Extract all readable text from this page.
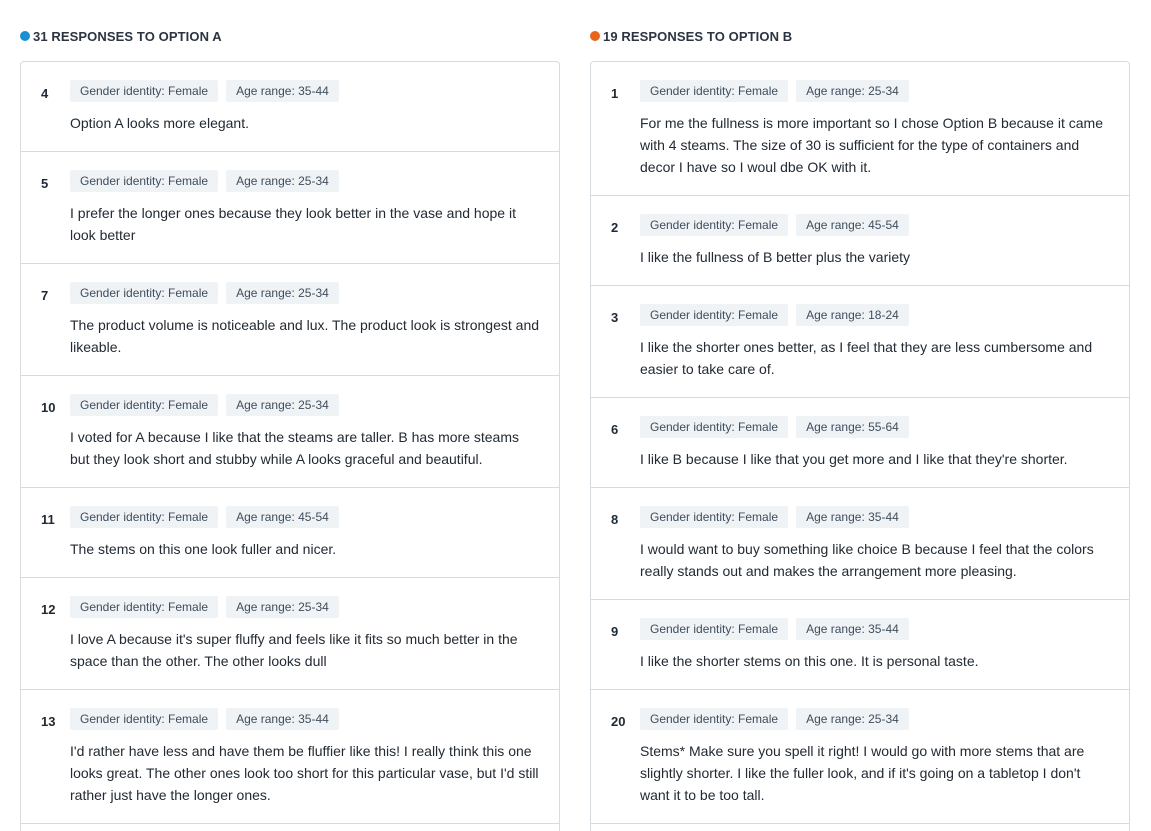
31 RESPONSES TO OPTION A
4	Gender identity: Female	Age range: 35-44

Option A looks more elegant.

5	Gender identity: Female	Age range: 25-34

I prefer the longer ones because they look better in the vase and hope it look better

7	Gender identity: Female	Age range: 25-34

The product volume is noticeable and lux. The product look is strongest and likeable.

10	Gender identity: Female	Age range: 25-34

I voted for A because I like that the steams are taller. B has more steams but they look short and stubby while A looks graceful and beautiful.

11	Gender identity: Female	Age range: 45-54

The stems on this one look fuller and nicer.

12	Gender identity: Female	Age range: 25-34

I love A because it's super fluffy and feels like it fits so much better in the space than the other. The other looks dull

13	Gender identity: Female	Age range: 35-44

I'd rather have less and have them be fluffier like this! I really think this one looks great. The other ones look too short for this particular vase, but I'd still rather just have the longer ones.

19 RESPONSES TO OPTION B
1	Gender identity: Female	Age range: 25-34

For me the fullness is more important so I chose Option B because it came with 4 steams. The size of 30 is sufficient for the type of containers and decor I have so I woul dbe OK with it.

2	Gender identity: Female	Age range: 45-54

I like the fullness of B better plus the variety

3	Gender identity: Female	Age range: 18-24

I like the shorter ones better, as I feel that they are less cumbersome and easier to take care of.

6	Gender identity: Female	Age range: 55-64

I like B because I like that you get more and I like that they're shorter.

8	Gender identity: Female	Age range: 35-44

I would want to buy something like choice B because I feel that the colors really stands out and makes the arrangement more pleasing.

9	Gender identity: Female	Age range: 35-44

I like the shorter stems on this one. It is personal taste.

20	Gender identity: Female	Age range: 25-34

Stems* Make sure you spell it right! I would go with more stems that are slightly shorter. I like the fuller look, and if it's going on a tabletop I don't want it to be too tall.
